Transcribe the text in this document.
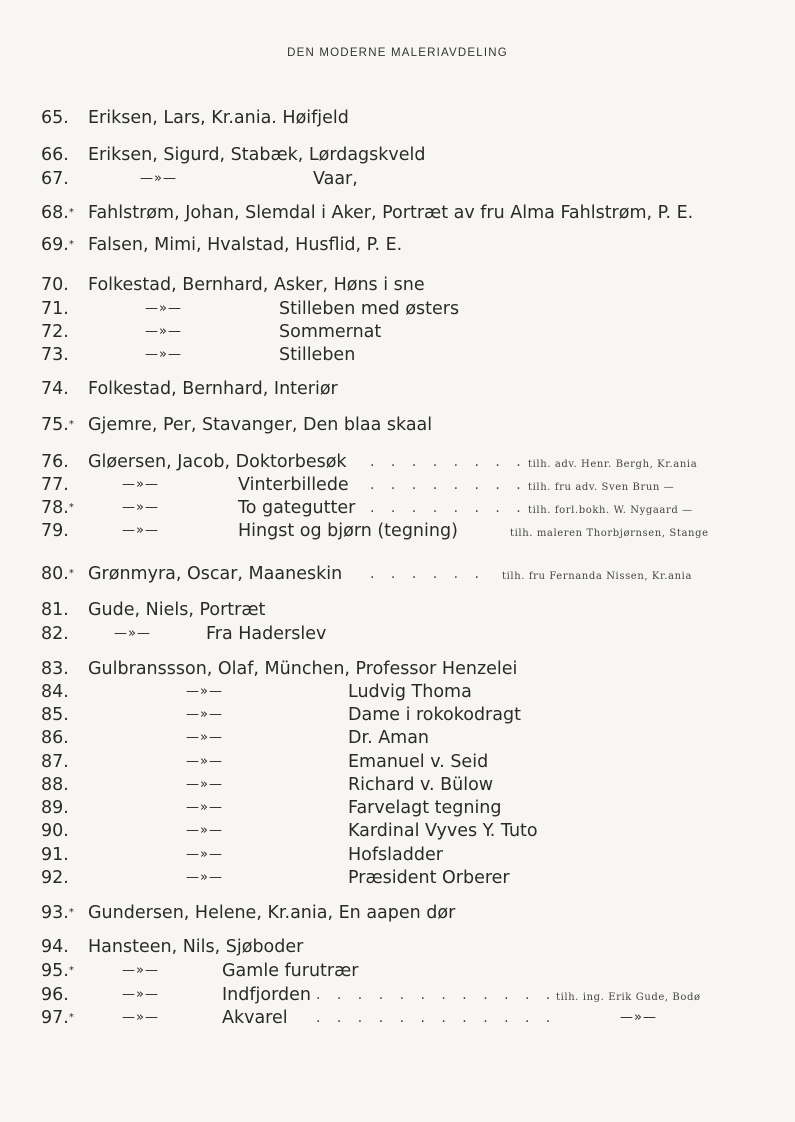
DEN MODERNE MALERIAVDELING
65. Eriksen, Lars, Kr.ania. Høifjeld
66. Eriksen, Sigurd, Stabæk, Lørdagskveld
67.	—»—	Vaar,
68. * Fahlstrøm, Johan, Slemdal i Aker, Portræt av fru Alma Fahlstrøm, P. E.
69. * Falsen, Mimi, Hvalstad, Husflid, P. E.
70. Folkestad, Bernhard, Asker, Høns i sne
71.	—»—	Stilleben med østers
72.	—»—	Sommernat
73.	—»—	Stilleben
74. Folkestad, Bernhard, Interiør
75. * Gjemre, Per, Stavanger, Den blaa skaal
76. Gløersen, Jacob, Doktorbesøk . . . . . . . . tilh. adv. Henr. Bergh, Kr.ania
77.	—»—	Vinterbillede . . . . . . . . tilh. fru adv. Sven Brun —
78. *	—»—	To gategutter . . . . . . . . tilh. forl.bokh. W. Nygaard —
79.	—»—	Hingst og bjørn (tegning)	tilh. maleren Thorbjørnsen, Stange
80. * Grønmyra, Oscar, Maaneskin . . . . . . tilh. fru Fernanda Nissen, Kr.ania
81. Gude, Niels, Portræt
82.	—»—	Fra Haderslev
83. Gulbranssson, Olaf, München, Professor Henzelei
84.	—»—	Ludvig Thoma
85.	—»—	Dame i rokokodragt
86.	—»—	Dr. Aman
87.	—»—	Emanuel v. Seid
88.	—»—	Richard v. Bülow
89.	—»—	Farvelagt tegning
90.	—»—	Kardinal Vyves Y. Tuto
91.	—»—	Hofsladder
92.	—»—	Præsident Orberer
93. * Gundersen, Helene, Kr.ania, En aapen dør
94. Hansteen, Nils, Sjøboder
95. *	—»—	Gamle furutrær
96.	—»—	Indfjorden . . . . . . . . . . . . tilh. ing. Erik Gude, Bodø
97. *	—»—	Akvarel . . . . . . . . . . . .	—»—
